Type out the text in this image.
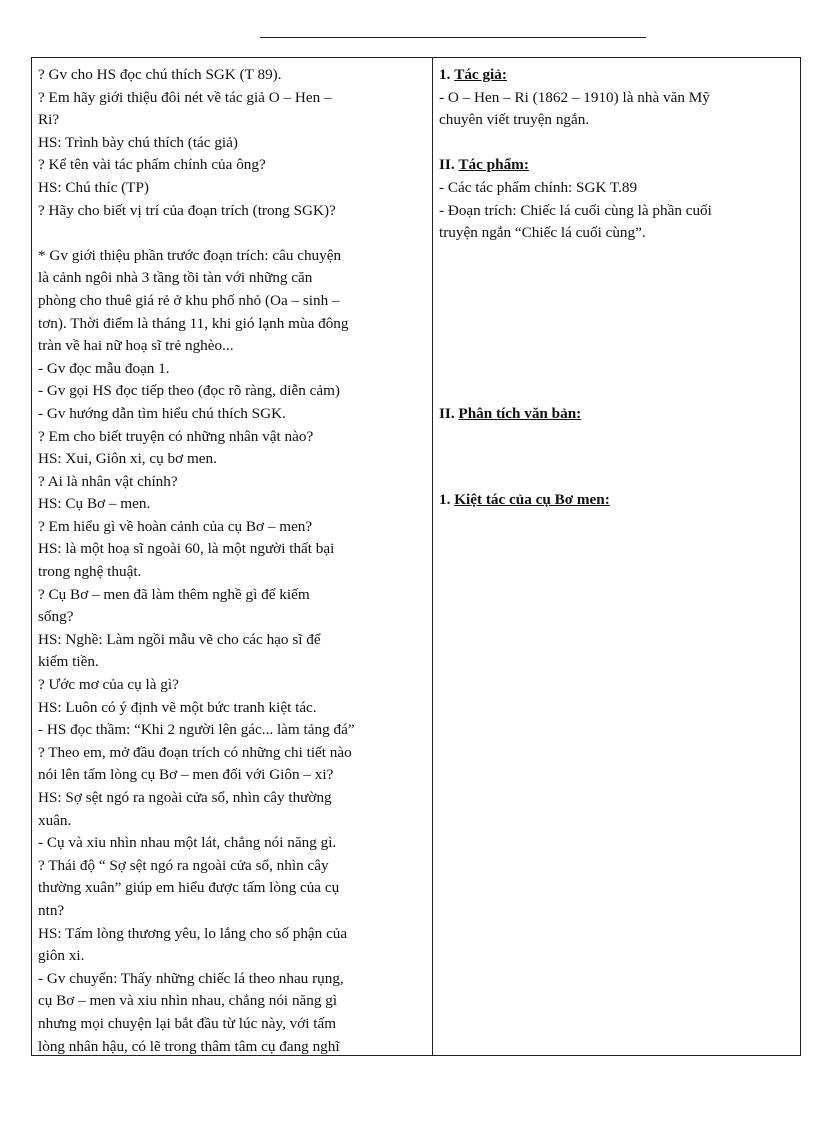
? Gv cho HS đọc chú thích SGK (T 89).
? Em hãy giới thiệu đôi nét về tác giả O – Hen –
Ri?
HS: Trình bày chú thích (tác giả)
? Kể tên vài tác phẩm chính của ông?
HS: Chú thíc (TP)
? Hãy cho biết vị trí của đoạn trích (trong SGK)?
* Gv giới thiệu phần trước đoạn trích: câu chuyện
là cảnh ngôi nhà 3 tầng tồi tàn với những căn
phòng cho thuê giá rẻ ở khu phố nhỏ (Oa – sinh –
tơn). Thời điểm là tháng 11, khi gió lạnh mùa đông
tràn về hai nữ hoạ sĩ trẻ nghèo...
- Gv đọc mẫu đoạn 1.
- Gv gọi HS đọc tiếp theo (đọc rõ ràng, diễn cảm)
- Gv hướng dẫn tìm hiểu chú thích SGK.
? Em cho biết truyện có những nhân vật nào?
HS: Xui, Giôn xi, cụ bơ men.
? Ai là nhân vật chính?
HS: Cụ Bơ – men.
? Em hiểu gì về hoàn cảnh của cụ Bơ – men?
HS: là một hoạ sĩ ngoài 60, là một người thất bại
trong nghệ thuật.
? Cụ Bơ – men đã làm thêm nghề gì để kiếm
sống?
HS: Nghề: Làm ngồi mẫu vẽ cho các hạo sĩ để
kiếm tiền.
? Ước mơ của cụ là gì?
HS: Luôn có ý định vẽ một bức tranh kiệt tác.
- HS đọc thầm: “Khi 2 người lên gác... làm tảng đá”
? Theo em, mở đầu đoạn trích có những chi tiết nào
nói lên tấm lòng cụ Bơ – men đối với Giôn – xi?
HS: Sợ sệt ngó ra ngoài cửa sổ, nhìn cây thường
xuân.
- Cụ và xiu nhìn nhau một lát, chẳng nói năng gì.
? Thái độ “ Sợ sệt ngó ra ngoài cửa sổ, nhìn cây
thường xuân” giúp em hiểu được tấm lòng của cụ
ntn?
HS: Tấm lòng thương yêu, lo lắng cho số phận của
giôn xi.
- Gv chuyển: Thấy những chiếc lá theo nhau rụng,
cụ Bơ – men và xiu nhìn nhau, chẳng nói năng gì
nhưng mọi chuyện lại bắt đầu từ lúc này, với tấm
lòng nhân hậu, có lẽ trong thâm tâm cụ đang nghĩ
1. Tác giả:
- O – Hen – Ri (1862 – 1910) là nhà văn Mỹ
chuyên viết truyện ngắn.
II. Tác phẩm:
- Các tác phẩm chính: SGK T.89
- Đoạn trích: Chiếc lá cuối cùng là phần cuối
truyện ngắn “Chiếc lá cuối cùng”.
II. Phân tích văn bản:
1. Kiệt tác của cụ Bơ men:
